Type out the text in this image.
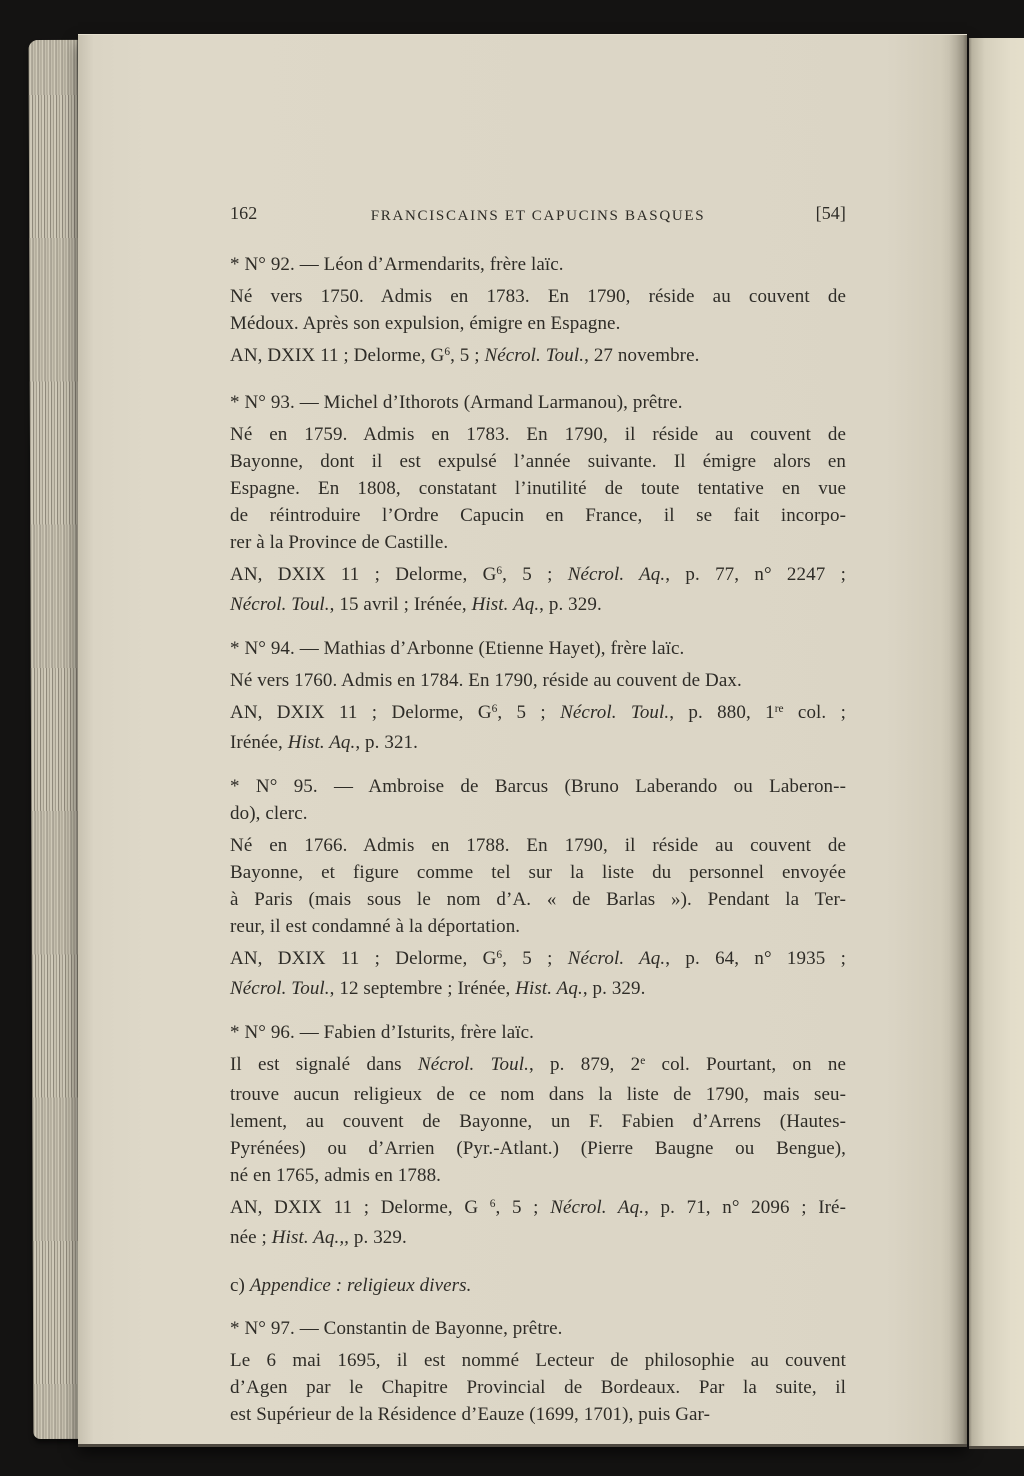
162	FRANCISCAINS ET CAPUCINS BASQUES	[54]
* N° 92. — Léon d’Armendarits, frère laïc.
Né vers 1750. Admis en 1783. En 1790, réside au couvent de
Médoux. Après son expulsion, émigre en Espagne.
AN, DXIX 11 ; Delorme, $G^6$, 5 ; Nécrol. Toul., 27 novembre.
* N° 93. — Michel d’Ithorots (Armand Larmanou), prêtre.
Né en 1759. Admis en 1783. En 1790, il réside au couvent de
Bayonne, dont il est expulsé l’année suivante. Il émigre alors en
Espagne. En 1808, constatant l’inutilité de toute tentative en vue
de réintroduire l’Ordre Capucin en France, il se fait incorpo-
rer à la Province de Castille.
AN, DXIX 11 ; Delorme, $G^6$, 5 ; Nécrol. Aq., p. 77, n° 2247 ;
Nécrol. Toul., 15 avril ; Irénée, Hist. Aq., p. 329.
* N° 94. — Mathias d’Arbonne (Etienne Hayet), frère laïc.
Né vers 1760. Admis en 1784. En 1790, réside au couvent de Dax.
AN, DXIX 11 ; Delorme, $G^6$, 5 ; Nécrol. Toul., p. 880, 1re col. ;
Irénée, Hist. Aq., p. 321.
* N° 95. — Ambroise de Barcus (Bruno Laberando ou Laberon--
do), clerc.
Né en 1766. Admis en 1788. En 1790, il réside au couvent de
Bayonne, et figure comme tel sur la liste du personnel envoyée
à Paris (mais sous le nom d’A. « de Barlas »). Pendant la Ter-
reur, il est condamné à la déportation.
AN, DXIX 11 ; Delorme, $G^6$, 5 ; Nécrol. Aq., p. 64, n° 1935 ;
Nécrol. Toul., 12 septembre ; Irénée, Hist. Aq., p. 329.
* N° 96. — Fabien d’Isturits, frère laïc.
Il est signalé dans Nécrol. Toul., p. 879, 2e col. Pourtant, on ne
trouve aucun religieux de ce nom dans la liste de 1790, mais seu-
lement, au couvent de Bayonne, un F. Fabien d’Arrens (Hautes-
Pyrénées) ou d’Arrien (Pyr.-Atlant.) (Pierre Baugne ou Bengue),
né en 1765, admis en 1788.
AN, DXIX 11 ; Delorme, G $^6$, 5 ; Nécrol. Aq., p. 71, n° 2096 ; Iré-
née ; Hist. Aq.,, p. 329.
c) Appendice : religieux divers.
* N° 97. — Constantin de Bayonne, prêtre.
Le 6 mai 1695, il est nommé Lecteur de philosophie au couvent
d’Agen par le Chapitre Provincial de Bordeaux. Par la suite, il
est Supérieur de la Résidence d’Eauze (1699, 1701), puis Gar-
